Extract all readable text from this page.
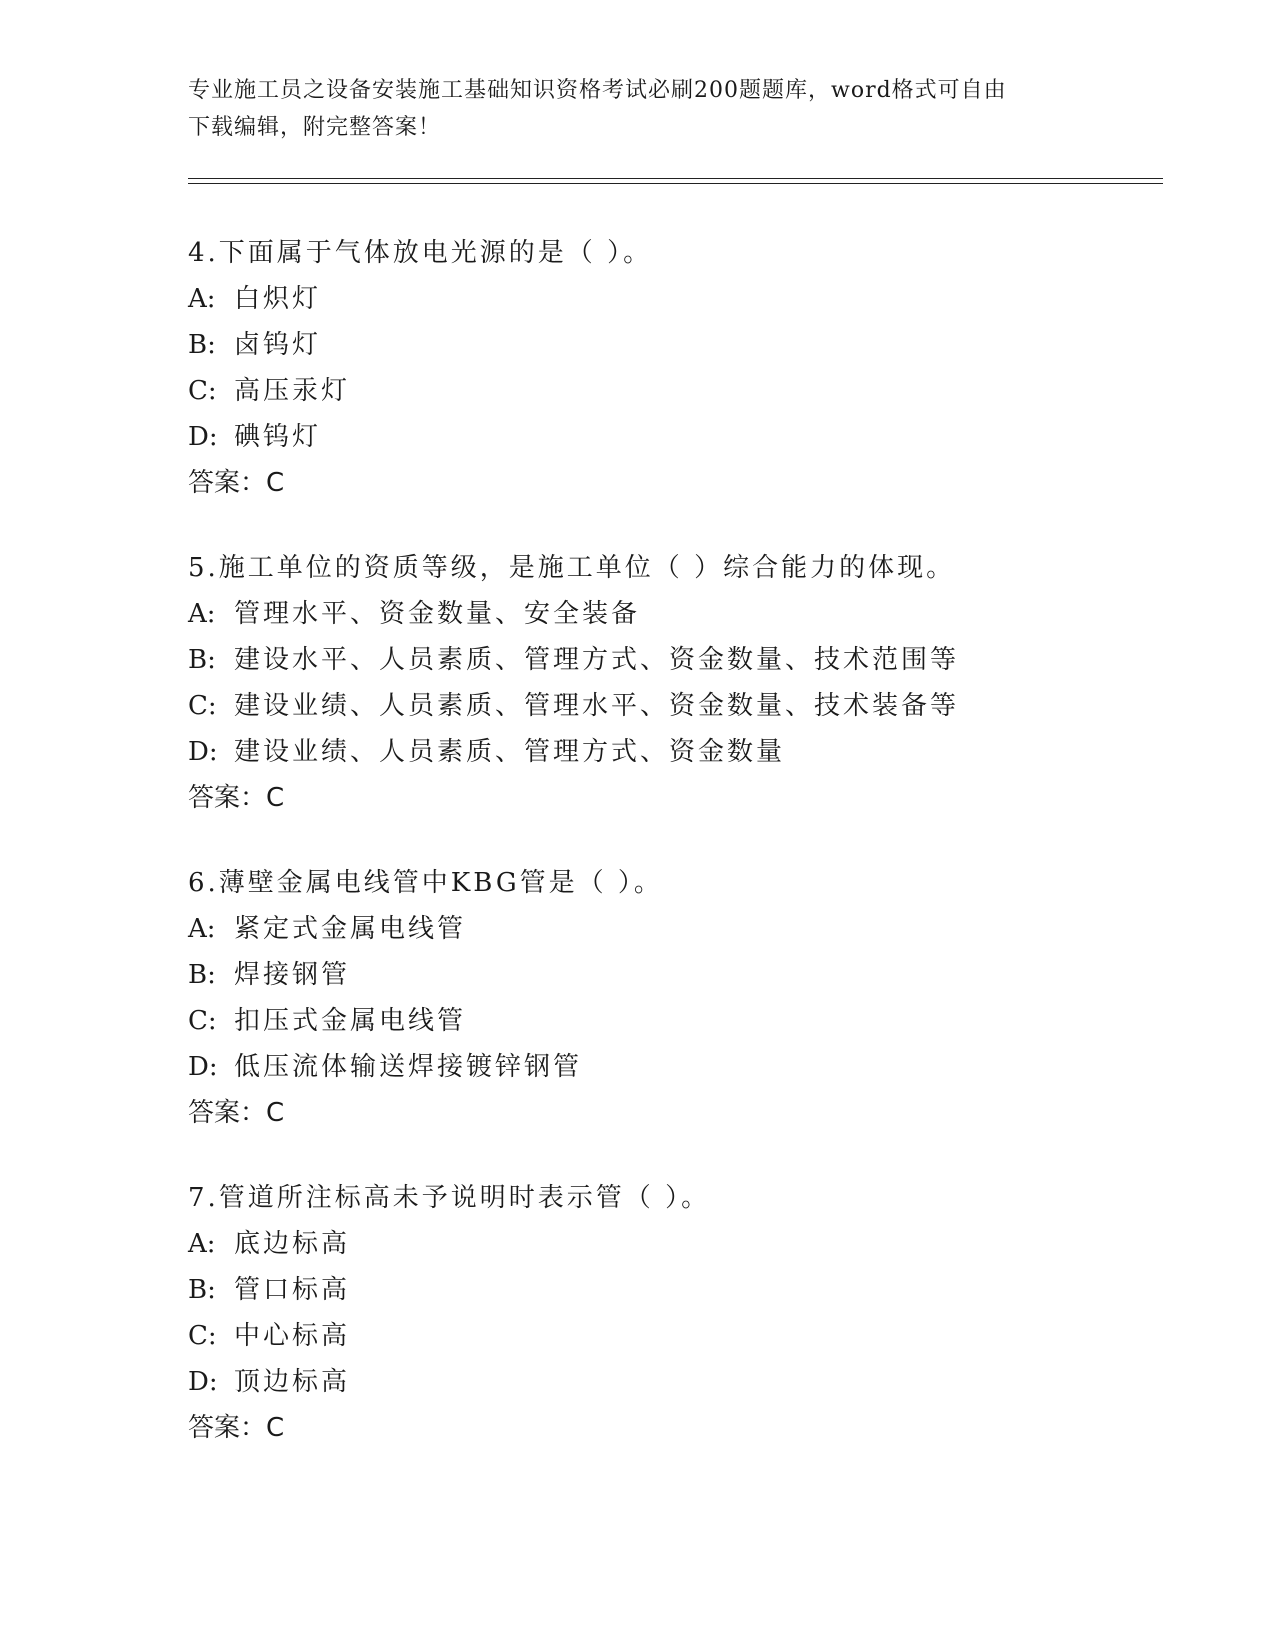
专业施工员之设备安装施工基础知识资格考试必刷200题题库，word格式可自由
下载编辑，附完整答案！
4.下面属于气体放电光源的是（ ）。
A: 白炽灯
B: 卤钨灯
C: 高压汞灯
D: 碘钨灯
答案：C
5.施工单位的资质等级，是施工单位（ ）综合能力的体现。
A: 管理水平、资金数量、安全装备
B: 建设水平、人员素质、管理方式、资金数量、技术范围等
C: 建设业绩、人员素质、管理水平、资金数量、技术装备等
D: 建设业绩、人员素质、管理方式、资金数量
答案：C
6.薄壁金属电线管中KBG管是（ ）。
A: 紧定式金属电线管
B: 焊接钢管
C: 扣压式金属电线管
D: 低压流体输送焊接镀锌钢管
答案：C
7.管道所注标高未予说明时表示管（ ）。
A: 底边标高
B: 管口标高
C: 中心标高
D: 顶边标高
答案：C
